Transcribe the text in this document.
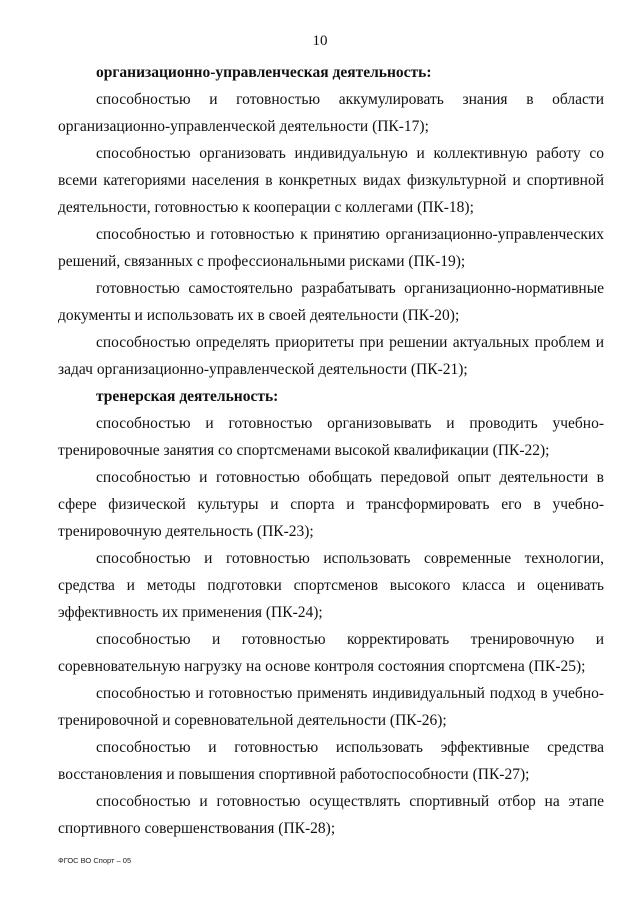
10

организационно-управленческая деятельность:

способностью и готовностью аккумулировать знания в области организационно-управленческой деятельности (ПК-17);

способностью организовать индивидуальную и коллективную работу со всеми категориями населения в конкретных видах физкультурной и спортивной деятельности, готовностью к кооперации с коллегами (ПК-18);

способностью и готовностью к принятию организационно-управленческих решений, связанных с профессиональными рисками (ПК-19);

готовностью самостоятельно разрабатывать организационно-нормативные документы и использовать их в своей деятельности (ПК-20);

способностью определять приоритеты при решении актуальных проблем и задач организационно-управленческой деятельности (ПК-21);

тренерская деятельность:

способностью и готовностью организовывать и проводить учебно-тренировочные занятия со спортсменами высокой квалификации (ПК-22);

способностью и готовностью обобщать передовой опыт деятельности в сфере физической культуры и спорта и трансформировать его в учебно-тренировочную деятельность (ПК-23);

способностью и готовностью использовать современные технологии, средства и методы подготовки спортсменов высокого класса и оценивать эффективность их применения (ПК-24);

способностью и готовностью корректировать тренировочную и соревновательную нагрузку на основе контроля состояния спортсмена (ПК-25);

способностью и готовностью применять индивидуальный подход в учебно-тренировочной и соревновательной деятельности (ПК-26);

способностью и готовностью использовать эффективные средства восстановления и повышения спортивной работоспособности (ПК-27);

способностью и готовностью осуществлять спортивный отбор на этапе спортивного совершенствования (ПК-28);

ФГОС ВО Спорт – 05
